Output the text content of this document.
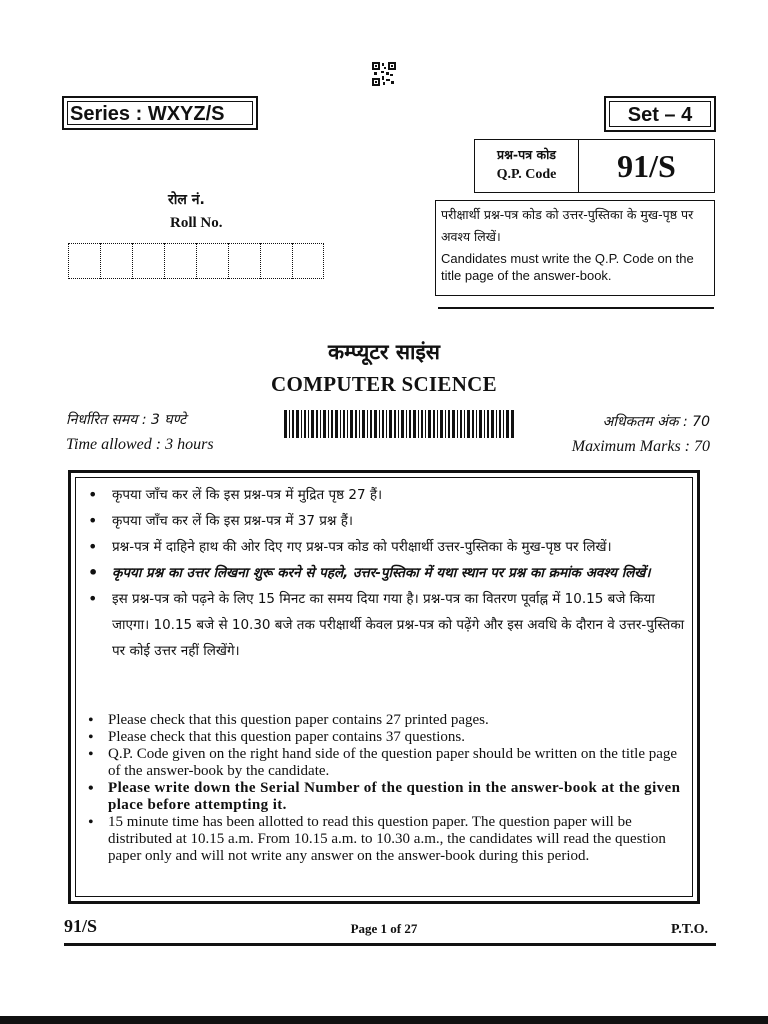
Series : WXYZ/S	Set – 4
प्रश्न-पत्र कोड
Q.P. Code	91/S
परीक्षार्थी प्रश्न-पत्र कोड को उत्तर-पुस्तिका के मुख-पृष्ठ पर अवश्य लिखें।
Candidates must write the Q.P. Code on the title page of the answer-book.
रोल नं.
Roll No.
कम्प्यूटर साइंस
COMPUTER SCIENCE
निर्धारित समय : 3 घण्टे
Time allowed : 3 hours
अधिकतम अंक : 70
Maximum Marks : 70
• कृपया जाँच कर लें कि इस प्रश्न-पत्र में मुद्रित पृष्ठ 27 हैं।
• कृपया जाँच कर लें कि इस प्रश्न-पत्र में 37 प्रश्न हैं।
• प्रश्न-पत्र में दाहिने हाथ की ओर दिए गए प्रश्न-पत्र कोड को परीक्षार्थी उत्तर-पुस्तिका के मुख-पृष्ठ पर लिखें।
• कृपया प्रश्न का उत्तर लिखना शुरू करने से पहले, उत्तर-पुस्तिका में यथा स्थान पर प्रश्न का क्रमांक अवश्य लिखें।
• इस प्रश्न-पत्र को पढ़ने के लिए 15 मिनट का समय दिया गया है। प्रश्न-पत्र का वितरण पूर्वाह्न में 10.15 बजे किया जाएगा। 10.15 बजे से 10.30 बजे तक परीक्षार्थी केवल प्रश्न-पत्र को पढ़ेंगे और इस अवधि के दौरान वे उत्तर-पुस्तिका पर कोई उत्तर नहीं लिखेंगे।
• Please check that this question paper contains 27 printed pages.
• Please check that this question paper contains 37 questions.
• Q.P. Code given on the right hand side of the question paper should be written on the title page of the answer-book by the candidate.
• Please write down the Serial Number of the question in the answer-book at the given place before attempting it.
• 15 minute time has been allotted to read this question paper. The question paper will be distributed at 10.15 a.m. From 10.15 a.m. to 10.30 a.m., the candidates will read the question paper only and will not write any answer on the answer-book during this period.
91/S	Page 1 of 27	P.T.O.
